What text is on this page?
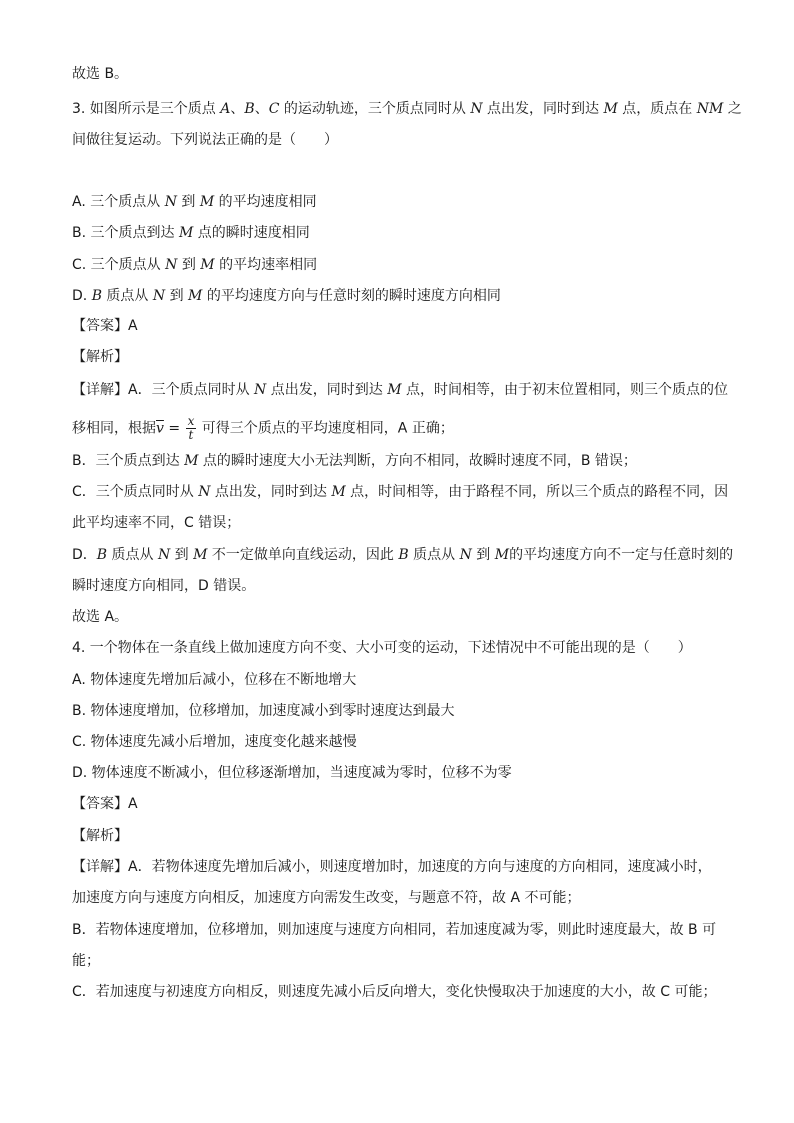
故选 B。
3. 如图所示是三个质点 A、B、C 的运动轨迹，三个质点同时从 N 点出发，同时到达 M 点，质点在 NM 之
间做往复运动。下列说法正确的是（　　）
A. 三个质点从 N 到 M 的平均速度相同
B. 三个质点到达 M 点的瞬时速度相同
C. 三个质点从 N 到 M 的平均速率相同
D. B 质点从 N 到 M 的平均速度方向与任意时刻的瞬时速度方向相同
【答案】A
【解析】
【详解】A．三个质点同时从 N 点出发，同时到达 M 点，时间相等，由于初末位置相同，则三个质点的位
移相同，根据$\overline{v} = \frac{x}{t}$ 可得三个质点的平均速度相同，A 正确；
B．三个质点到达 M 点的瞬时速度大小无法判断，方向不相同，故瞬时速度不同，B 错误；
C．三个质点同时从 N 点出发，同时到达 M 点，时间相等，由于路程不同，所以三个质点的路程不同，因
此平均速率不同，C 错误；
D．B 质点从 N 到 M 不一定做单向直线运动，因此 B 质点从 N 到 M的平均速度方向不一定与任意时刻的
瞬时速度方向相同，D 错误。
故选 A。
4. 一个物体在一条直线上做加速度方向不变、大小可变的运动，下述情况中不可能出现的是（　　）
A. 物体速度先增加后减小，位移在不断地增大
B. 物体速度增加，位移增加，加速度减小到零时速度达到最大
C. 物体速度先减小后增加，速度变化越来越慢
D. 物体速度不断减小，但位移逐渐增加，当速度减为零时，位移不为零
【答案】A
【解析】
【详解】A．若物体速度先增加后减小，则速度增加时，加速度的方向与速度的方向相同，速度减小时，
加速度方向与速度方向相反，加速度方向需发生改变，与题意不符，故 A 不可能；
B．若物体速度增加，位移增加，则加速度与速度方向相同，若加速度减为零，则此时速度最大，故 B 可
能；
C．若加速度与初速度方向相反，则速度先减小后反向增大，变化快慢取决于加速度的大小，故 C 可能；
